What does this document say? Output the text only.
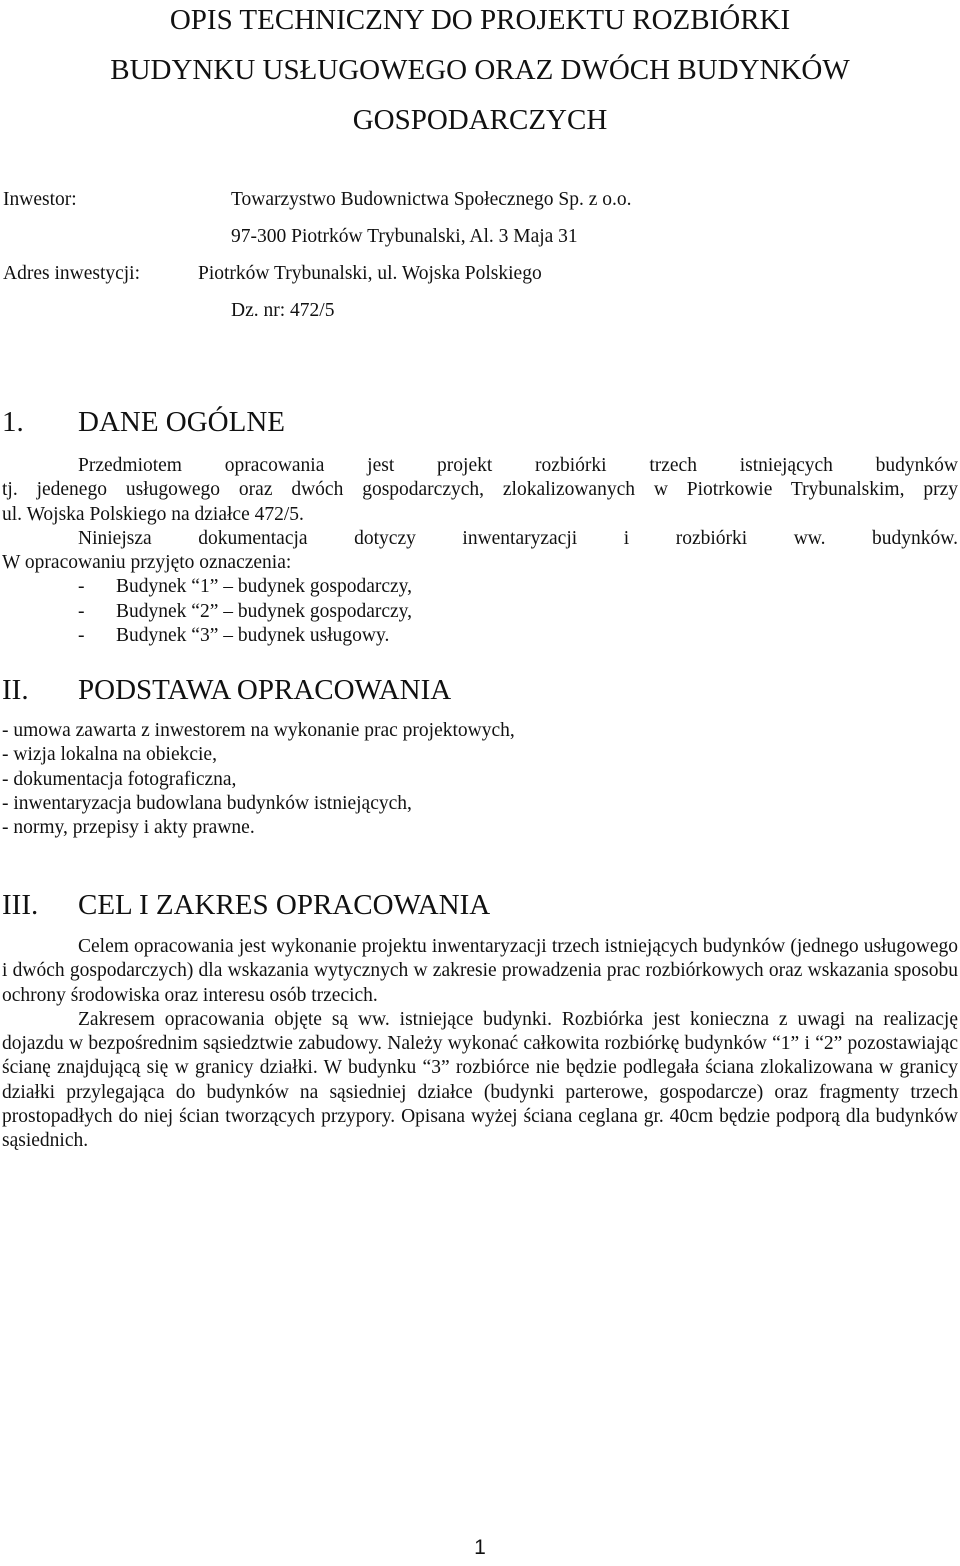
OPIS TECHNICZNY DO PROJEKTU ROZBIÓRKI
BUDYNKU USŁUGOWEGO ORAZ DWÓCH BUDYNKÓW
GOSPODARCZYCH
Inwestor:	Towarzystwo Budownictwa Społecznego Sp. z o.o.
97-300 Piotrków Trybunalski, Al. 3 Maja 31
Adres inwestycji:	Piotrków Trybunalski, ul. Wojska Polskiego
Dz. nr: 472/5
1. DANE OGÓLNE

Przedmiotem opracowania jest projekt rozbiórki trzech istniejących budynków

tj. jedenego usługowego oraz dwóch gospodarczych, zlokalizowanych w Piotrkowie Trybunalskim, przy

ul. Wojska Polskiego na działce 472/5.

Niniejsza dokumentacja dotyczy inwentaryzacji i rozbiórki ww. budynków.

W opracowaniu przyjęto oznaczenia:

- Budynek “1” – budynek gospodarczy,
- Budynek “2” – budynek gospodarczy,
- Budynek “3” – budynek usługowy.
II. PODSTAWA OPRACOWANIA
- umowa zawarta z inwestorem na wykonanie prac projektowych,
- wizja lokalna na obiekcie,
- dokumentacja fotograficzna,
- inwentaryzacja budowlana budynków istniejących,
- normy, przepisy i akty prawne.
III. CEL I ZAKRES OPRACOWANIA

Celem opracowania jest wykonanie projektu inwentaryzacji trzech istniejących budynków (jednego usługowego i dwóch gospodarczych) dla wskazania wytycznych w zakresie prowadzenia prac rozbiórkowych oraz wskazania sposobu ochrony środowiska oraz interesu osób trzecich.

Zakresem opracowania objęte są ww. istniejące budynki. Rozbiórka jest konieczna z uwagi na realizację dojazdu w bezpośrednim sąsiedztwie zabudowy. Należy wykonać całkowita rozbiórkę budynków “1” i “2” pozostawiając ścianę znajdującą się w granicy działki. W budynku “3” rozbiórce nie będzie podlegała ściana zlokalizowana w granicy działki przylegająca do budynków na sąsiedniej działce (budynki parterowe, gospodarcze) oraz fragmenty trzech prostopadłych do niej ścian tworzących przypory. Opisana wyżej ściana ceglana gr. 40cm będzie podporą dla budynków sąsiednich.

1
